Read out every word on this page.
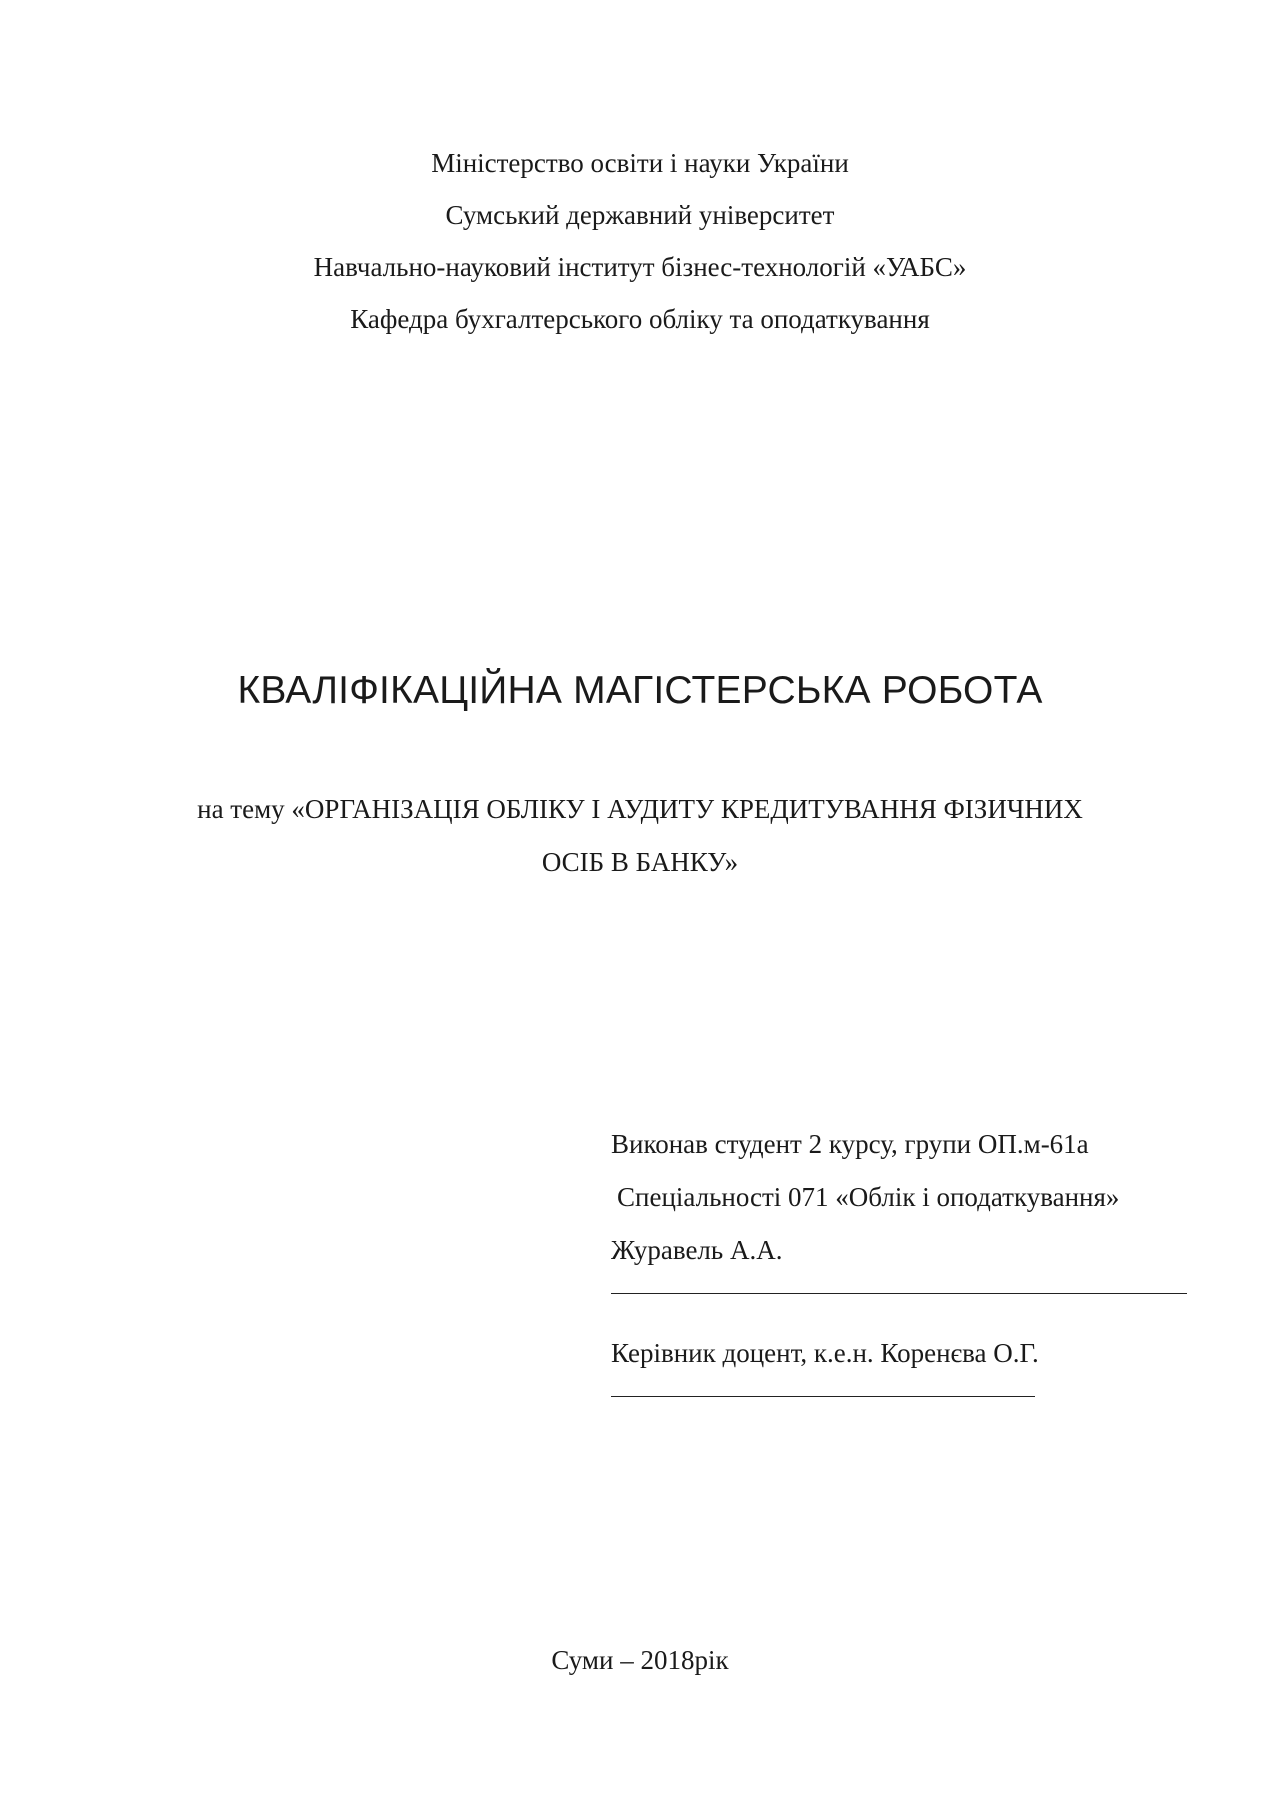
Міністерство освіти і науки України
Сумський державний університет
Навчально-науковий інститут бізнес-технологій «УАБС»
Кафедра бухгалтерського обліку та оподаткування
КВАЛІФІКАЦІЙНА МАГІСТЕРСЬКА РОБОТА
на тему «ОРГАНІЗАЦІЯ ОБЛІКУ І АУДИТУ КРЕДИТУВАННЯ ФІЗИЧНИХ
ОСІБ В БАНКУ»
Виконав студент 2 курсу, групи ОП.м-61а
Спеціальності 071 «Облік і оподаткування»
Журавель А.А.
Керівник доцент, к.е.н. Коренєва О.Г.
Суми – 2018рік
